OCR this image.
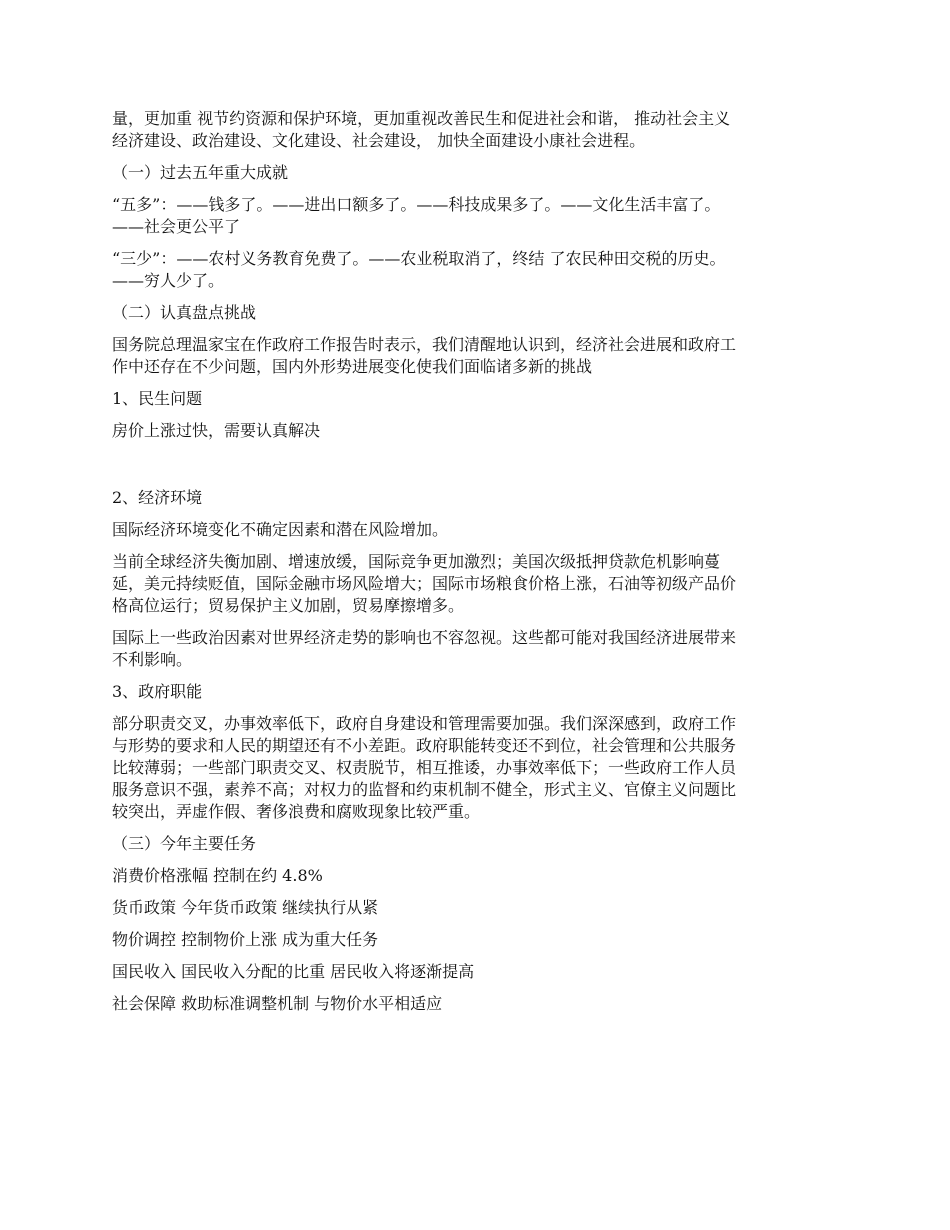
量，更加重 视节约资源和保护环境，更加重视改善民生和促进社会和谐， 推动社会主义
经济建设、政治建设、文化建设、社会建设， 加快全面建设小康社会进程。

（一）过去五年重大成就

“五多”：——钱多了。——进出口额多了。——科技成果多了。——文化生活丰富了。
——社会更公平了

“三少”：——农村义务教育免费了。——农业税取消了，终结 了农民种田交税的历史。
——穷人少了。

（二）认真盘点挑战

国务院总理温家宝在作政府工作报告时表示，我们清醒地认识到，经济社会进展和政府工
作中还存在不少问题，国内外形势进展变化使我们面临诸多新的挑战

1、民生问题

房价上涨过快，需要认真解决

2、经济环境

国际经济环境变化不确定因素和潜在风险增加。

当前全球经济失衡加剧、增速放缓，国际竞争更加激烈；美国次级抵押贷款危机影响蔓
延，美元持续贬值，国际金融市场风险增大；国际市场粮食价格上涨，石油等初级产品价
格高位运行；贸易保护主义加剧，贸易摩擦增多。

国际上一些政治因素对世界经济走势的影响也不容忽视。这些都可能对我国经济进展带来
不利影响。

3、政府职能

部分职责交叉，办事效率低下，政府自身建设和管理需要加强。我们深深感到，政府工作
与形势的要求和人民的期望还有不小差距。政府职能转变还不到位，社会管理和公共服务
比较薄弱；一些部门职责交叉、权责脱节，相互推诿，办事效率低下；一些政府工作人员
服务意识不强，素养不高；对权力的监督和约束机制不健全，形式主义、官僚主义问题比
较突出，弄虚作假、奢侈浪费和腐败现象比较严重。

（三）今年主要任务

消费价格涨幅 控制在约 4.8%

货币政策 今年货币政策 继续执行从紧

物价调控 控制物价上涨 成为重大任务

国民收入 国民收入分配的比重 居民收入将逐渐提高

社会保障 救助标准调整机制 与物价水平相适应
